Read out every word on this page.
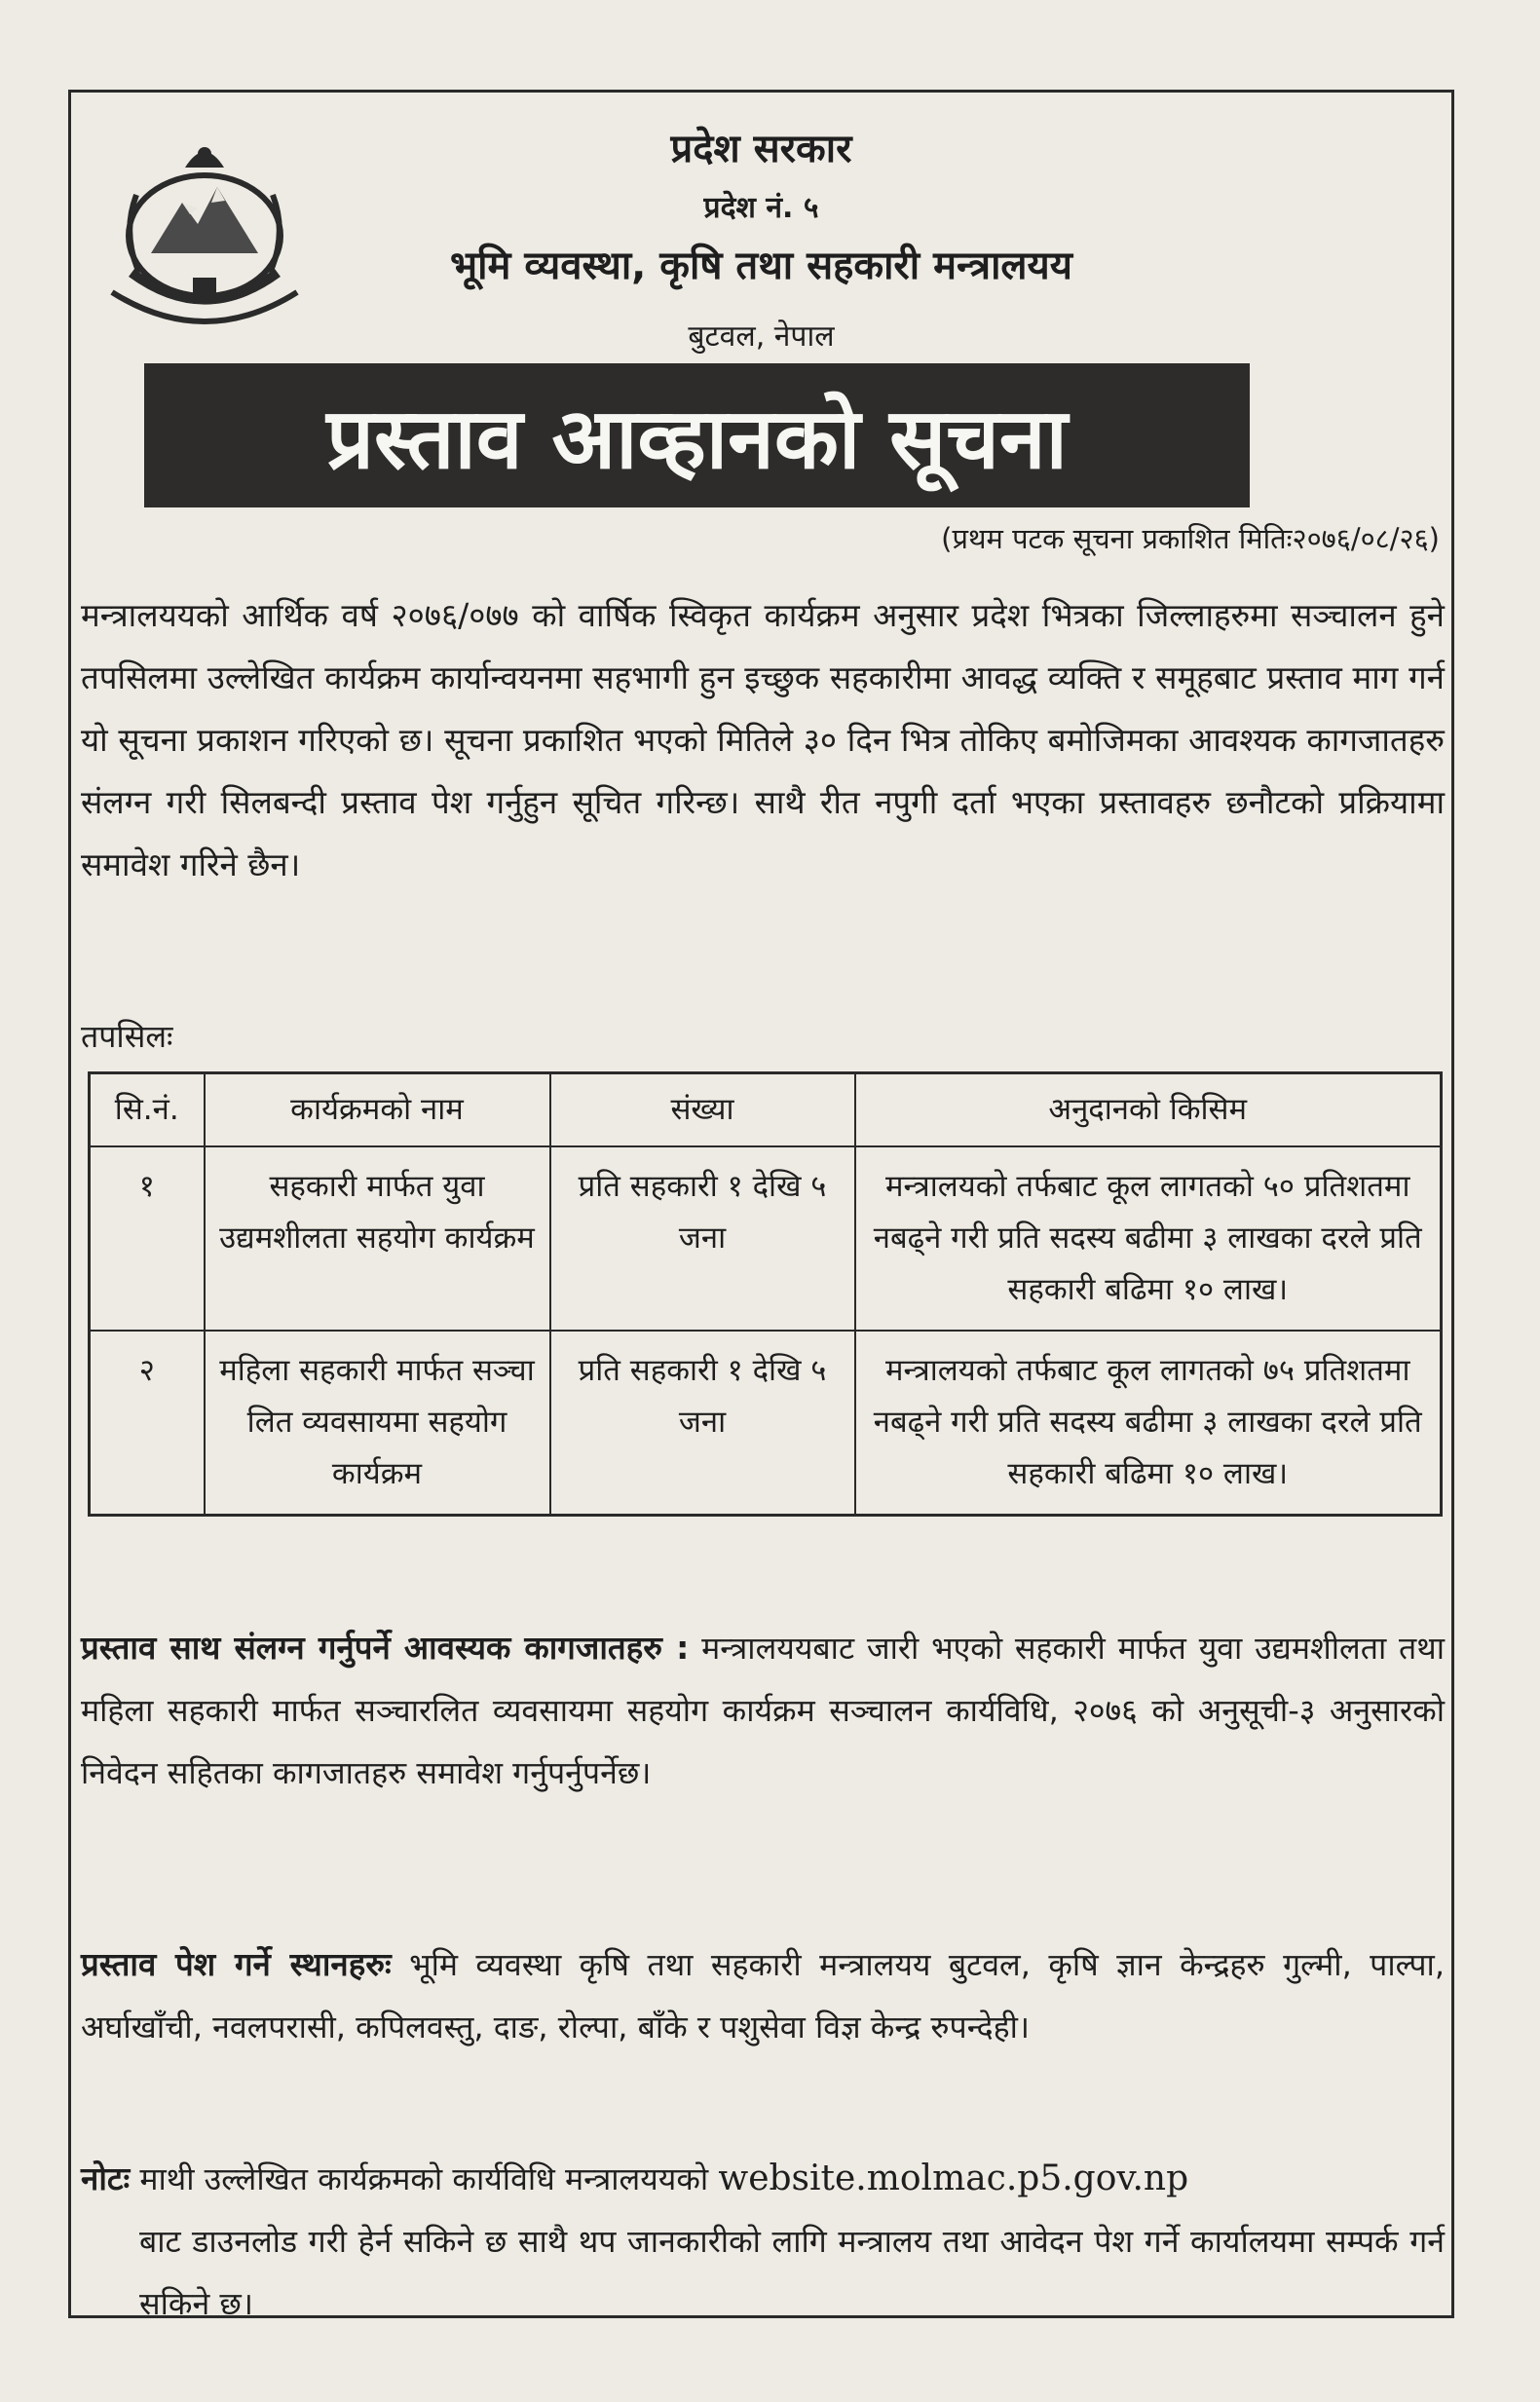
प्रदेश सरकार
प्रदेश नं. ५
भूमि व्यवस्था, कृषि तथा सहकारी मन्त्रालयय
बुटवल, नेपाल
प्रस्ताव आव्हानको सूचना
(प्रथम पटक सूचना प्रकाशित मितिः२०७६/०८/२६)
मन्त्रालययको आर्थिक वर्ष २०७६/०७७ को वार्षिक स्विकृत कार्यक्रम अनुसार प्रदेश भित्रका जिल्लाहरुमा सञ्चालन हुने तपसिलमा उल्लेखित कार्यक्रम कार्यान्वयनमा सहभागी हुन इच्छुक सहकारीमा आवद्ध व्यक्ति र समूहबाट प्रस्ताव माग गर्न यो सूचना प्रकाशन गरिएको छ। सूचना प्रकाशित भएको मितिले ३० दिन भित्र तोकिए बमोजिमका आवश्यक कागजातहरु संलग्न गरी सिलबन्दी प्रस्ताव पेश गर्नुहुन सूचित गरिन्छ। साथै रीत नपुगी दर्ता भएका प्रस्तावहरु छनौटको प्रक्रियामा समावेश गरिने छैन।
तपसिलः
सि.नं.	कार्यक्रमको नाम	संख्या	अनुदानको किसिम
१	सहकारी मार्फत युवा उद्यमशीलता सहयोग कार्यक्रम	प्रति सहकारी १ देखि ५ जना	मन्त्रालयको तर्फबाट कूल लागतको ५० प्रतिशतमा नबढ्ने गरी प्रति सदस्य बढीमा ३ लाखका दरले प्रति सहकारी बढिमा १० लाख।
२	महिला सहकारी मार्फत सञ्चा लित व्यवसायमा सहयोग कार्यक्रम	प्रति सहकारी १ देखि ५ जना	मन्त्रालयको तर्फबाट कूल लागतको ७५ प्रतिशतमा नबढ्ने गरी प्रति सदस्य बढीमा ३ लाखका दरले प्रति सहकारी बढिमा १० लाख।
प्रस्ताव साथ संलग्न गर्नुपर्ने आवस्यक कागजातहरु : मन्त्रालययबाट जारी भएको सहकारी मार्फत युवा उद्यमशीलता तथा महिला सहकारी मार्फत सञ्चारलित व्यवसायमा सहयोग कार्यक्रम सञ्चालन कार्यविधि, २०७६ को अनुसूची-३ अनुसारको निवेदन सहितका कागजातहरु समावेश गर्नुपर्नुपर्नेछ।
प्रस्ताव पेश गर्ने स्थानहरुः भूमि व्यवस्था कृषि तथा सहकारी मन्त्रालयय बुटवल, कृषि ज्ञान केन्द्रहरु गुल्मी, पाल्पा, अर्घाखाँची, नवलपरासी, कपिलवस्तु, दाङ, रोल्पा, बाँके र पशुसेवा विज्ञ केन्द्र रुपन्देही।
नोटः माथी उल्लेखित कार्यक्रमको कार्यविधि मन्त्रालययको website.molmac.p5.gov.np
बाट डाउनलोड गरी हेर्न सकिने छ साथै थप जानकारीको लागि मन्त्रालय तथा आवेदन पेश गर्ने कार्यालयमा सम्पर्क गर्न सकिने छ।
